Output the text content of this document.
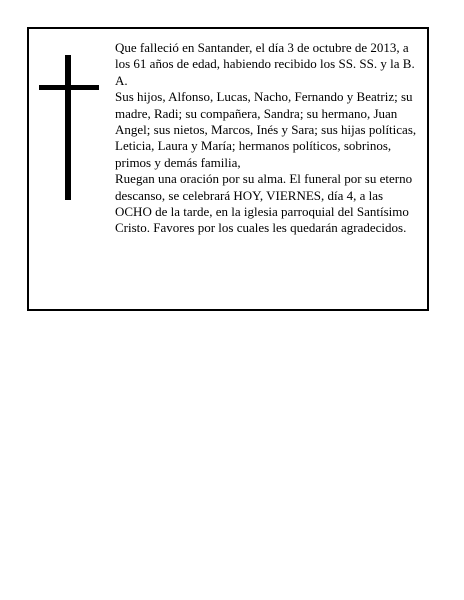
Que falleció en Santander, el día 3 de octubre de 2013, a los 61 años de edad, habiendo recibido los SS. SS. y la B. A.

Sus hijos, Alfonso, Lucas, Nacho, Fernando y Beatriz; su madre, Radi; su compañera, Sandra; su hermano, Juan Angel; sus nietos, Marcos, Inés y Sara; sus hijas políticas, Leticia, Laura y María; hermanos políticos, sobrinos, primos y demás familia,

Ruegan una oración por su alma. El funeral por su eterno descanso, se celebrará HOY, VIERNES, día 4, a las OCHO de la tarde, en la iglesia parroquial del Santísimo Cristo. Favores por los cuales les quedarán agradecidos.
